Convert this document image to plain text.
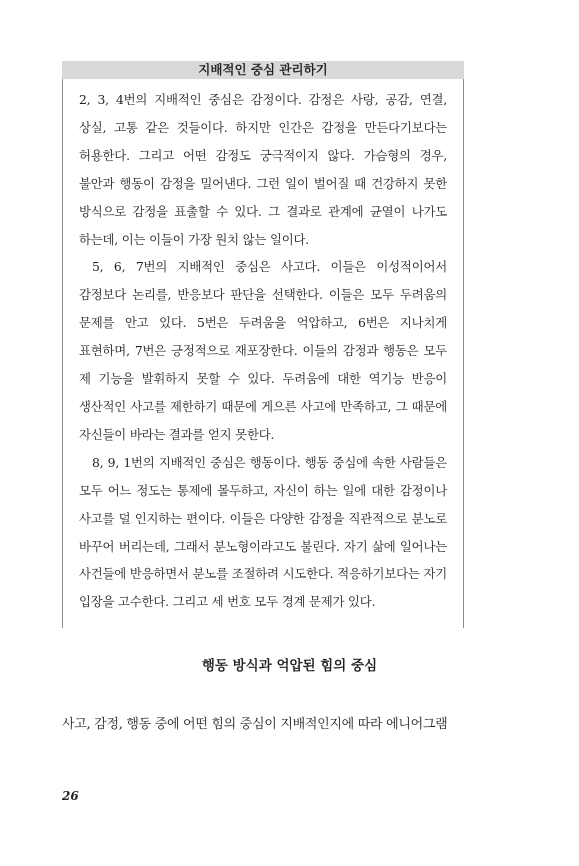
지배적인 중심 관리하기

2, 3, 4번의 지배적인 중심은 감정이다. 감정은 사랑, 공감, 연결, 상실, 고통 같은 것들이다. 하지만 인간은 감정을 만든다기보다는 허용한다. 그리고 어떤 감정도 궁극적이지 않다. 가슴형의 경우, 불안과 행동이 감정을 밀어낸다. 그런 일이 벌어질 때 건강하지 못한 방식으로 감정을 표출할 수 있다. 그 결과로 관계에 균열이 나가도 하는데, 이는 이들이 가장 원치 않는 일이다.

5, 6, 7번의 지배적인 중심은 사고다. 이들은 이성적이어서 감정보다 논리를, 반응보다 판단을 선택한다. 이들은 모두 두려움의 문제를 안고 있다. 5번은 두려움을 억압하고, 6번은 지나치게 표현하며, 7번은 긍정적으로 재포장한다. 이들의 감정과 행동은 모두 제 기능을 발휘하지 못할 수 있다. 두려움에 대한 역기능 반응이 생산적인 사고를 제한하기 때문에 게으른 사고에 만족하고, 그 때문에 자신들이 바라는 결과를 얻지 못한다.

8, 9, 1번의 지배적인 중심은 행동이다. 행동 중심에 속한 사람들은 모두 어느 정도는 통제에 몰두하고, 자신이 하는 일에 대한 감정이나 사고를 덜 인지하는 편이다. 이들은 다양한 감정을 직관적으로 분노로 바꾸어 버리는데, 그래서 분노형이라고도 불린다. 자기 삶에 일어나는 사건들에 반응하면서 분노를 조절하려 시도한다. 적응하기보다는 자기 입장을 고수한다. 그리고 세 번호 모두 경계 문제가 있다.

행동 방식과 억압된 힘의 중심
사고, 감정, 행동 중에 어떤 힘의 중심이 지배적인지에 따라 에니어그램
26
